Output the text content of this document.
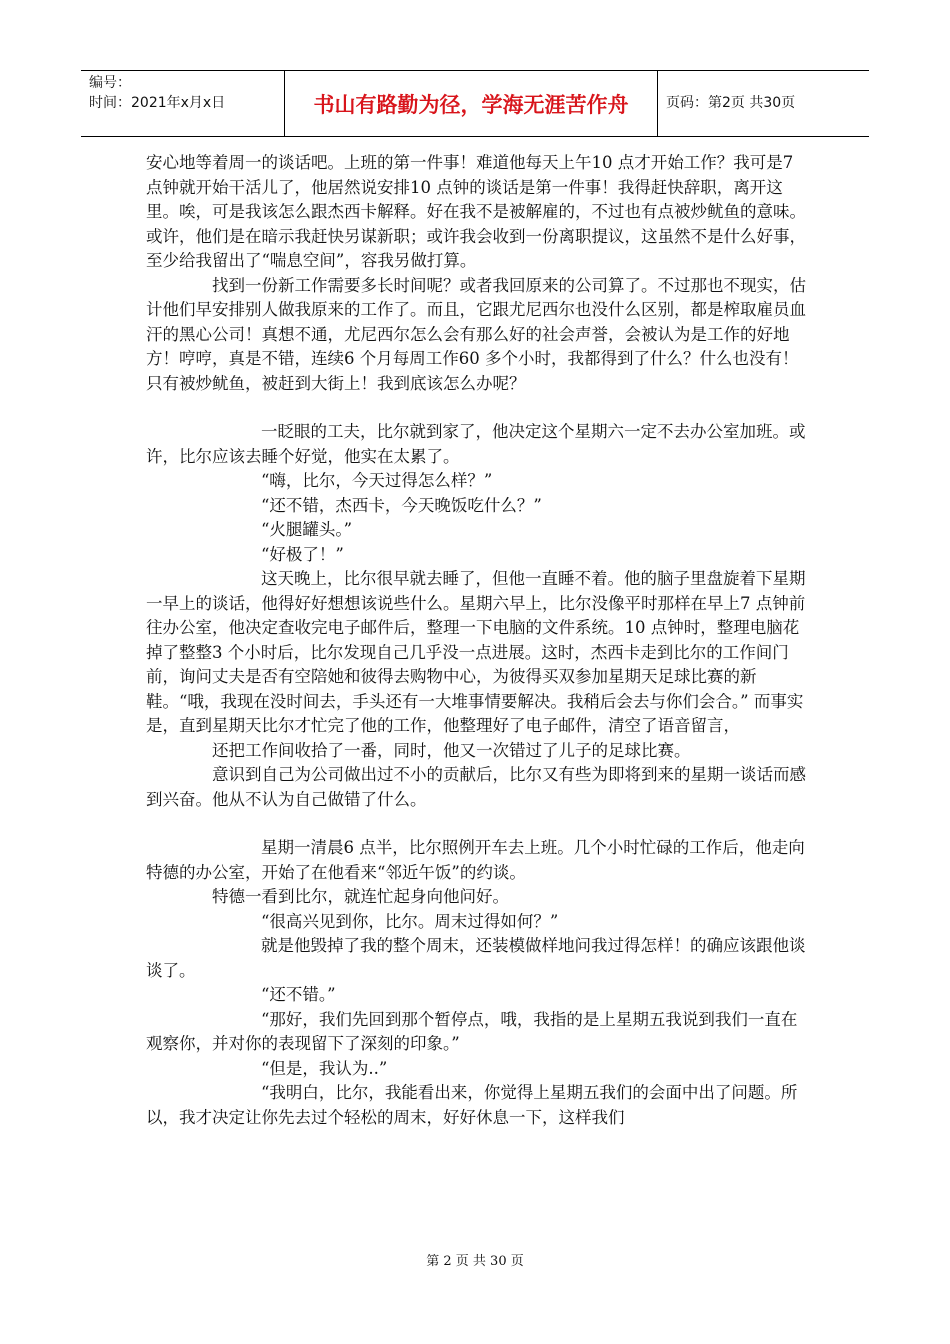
编号：
时间：2021年x月x日	书山有路勤为径，学海无涯苦作舟	页码：第2页 共30页

安心地等着周一的谈话吧。上班的第一件事！难道他每天上午10 点才开始工作？我可是7 点钟就开始干活儿了，他居然说安排10 点钟的谈话是第一件事！我得赶快辞职，离开这里。唉，可是我该怎么跟杰西卡解释。好在我不是被解雇的，不过也有点被炒鱿鱼的意味。或许，他们是在暗示我赶快另谋新职；或许我会收到一份离职提议，这虽然不是什么好事，至少给我留出了“喘息空间”，容我另做打算。

找到一份新工作需要多长时间呢？或者我回原来的公司算了。不过那也不现实，估计他们早安排别人做我原来的工作了。而且，它跟尤尼西尔也没什么区别，都是榨取雇员血汗的黑心公司！真想不通，尤尼西尔怎么会有那么好的社会声誉，会被认为是工作的好地方！哼哼，真是不错，连续6 个月每周工作60 多个小时，我都得到了什么？什么也没有！只有被炒鱿鱼，被赶到大街上！我到底该怎么办呢？

一眨眼的工夫，比尔就到家了，他决定这个星期六一定不去办公室加班。或许，比尔应该去睡个好觉，他实在太累了。

“嗨，比尔，今天过得怎么样？”

“还不错，杰西卡，今天晚饭吃什么？”

“火腿罐头。”

“好极了！”

这天晚上，比尔很早就去睡了，但他一直睡不着。他的脑子里盘旋着下星期一早上的谈话，他得好好想想该说些什么。星期六早上，比尔没像平时那样在早上7 点钟前往办公室，他决定查收完电子邮件后，整理一下电脑的文件系统。10 点钟时，整理电脑花掉了整整3 个小时后，比尔发现自己几乎没一点进展。这时，杰西卡走到比尔的工作间门前，询问丈夫是否有空陪她和彼得去购物中心，为彼得买双参加星期天足球比赛的新鞋。“哦，我现在没时间去，手头还有一大堆事情要解决。我稍后会去与你们会合。” 而事实是，直到星期天比尔才忙完了他的工作，他整理好了电子邮件，清空了语音留言，

还把工作间收拾了一番，同时，他又一次错过了儿子的足球比赛。

意识到自己为公司做出过不小的贡献后，比尔又有些为即将到来的星期一谈话而感到兴奋。他从不认为自己做错了什么。

星期一清晨6 点半，比尔照例开车去上班。几个小时忙碌的工作后，他走向特德的办公室，开始了在他看来“邻近午饭”的约谈。

特德一看到比尔，就连忙起身向他问好。

“很高兴见到你，比尔。周末过得如何？”

就是他毁掉了我的整个周末，还装模做样地问我过得怎样！的确应该跟他谈谈了。

“还不错。”

“那好，我们先回到那个暂停点，哦，我指的是上星期五我说到我们一直在观察你，并对你的表现留下了深刻的印象。”

“但是，我认为..”

“我明白，比尔，我能看出来，你觉得上星期五我们的会面中出了问题。所以，我才决定让你先去过个轻松的周末，好好休息一下，这样我们

第 2 页 共 30 页
